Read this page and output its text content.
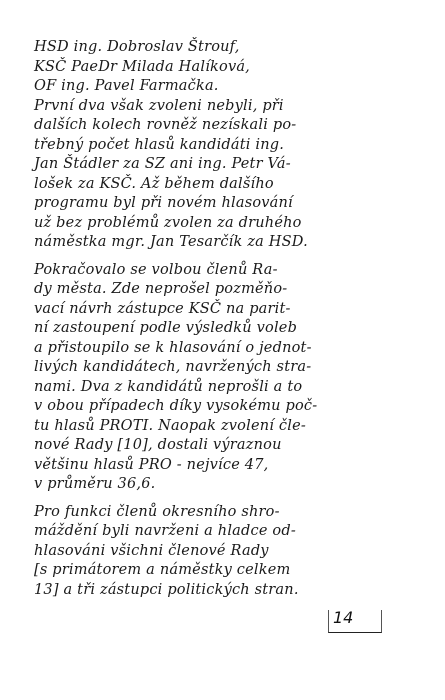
HSD ing. Dobroslav Štrouf,
KSČ PaeDr Milada Halíková,
OF ing. Pavel Farmačka.
První dva však zvoleni nebyli, při
dalších kolech rovněž nezískali po-
třebný počet hlasů kandidáti ing.
Jan Štádler za SZ ani ing. Petr Vá-
lošek za KSČ. Až během dalšího
programu byl při novém hlasování
už bez problémů zvolen za druhého
náměstka mgr. Jan Tesarčík za HSD.
Pokračovalo se volbou členů Ra-
dy města. Zde neprošel pozměňo-
vací návrh zástupce KSČ na parit-
ní zastoupení podle výsledků voleb
a přistoupilo se k hlasování o jednot-
livých kandidátech, navržených stra-
nami. Dva z kandidátů neprošli a to
v obou případech díky vysokému poč-
tu hlasů PROTI. Naopak zvolení čle-
nové Rady [10], dostali výraznou
většinu hlasů PRO - nejvíce 47,
v průměru 36,6.
Pro funkci členů okresního shro-
máždění byli navrženi a hladce od-
hlasováni všichni členové Rady
[s primátorem a náměstky celkem
13] a tři zástupci politických stran.
14
